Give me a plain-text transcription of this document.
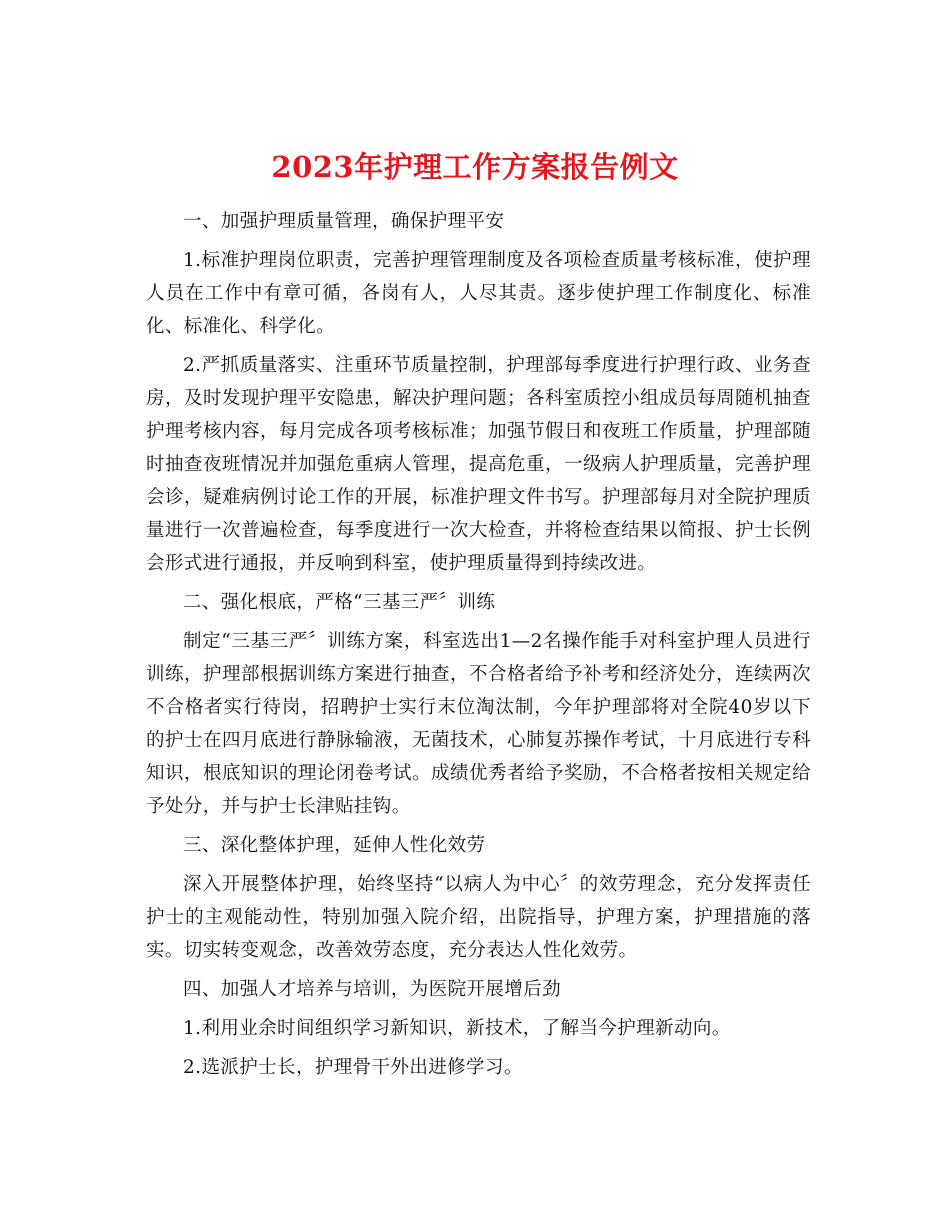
2023年护理工作方案报告例文

一、加强护理质量管理，确保护理平安

1.标准护理岗位职责，完善护理管理制度及各项检查质量考核标准，使护理人员在工作中有章可循，各岗有人，人尽其责。逐步使护理工作制度化、标准化、标准化、科学化。

2.严抓质量落实、注重环节质量控制，护理部每季度进行护理行政、业务查房，及时发现护理平安隐患，解决护理问题；各科室质控小组成员每周随机抽查护理考核内容，每月完成各项考核标准；加强节假日和夜班工作质量，护理部随时抽查夜班情况并加强危重病人管理，提高危重，一级病人护理质量，完善护理会诊，疑难病例讨论工作的开展，标准护理文件书写。护理部每月对全院护理质量进行一次普遍检查，每季度进行一次大检查，并将检查结果以简报、护士长例会形式进行通报，并反响到科室，使护理质量得到持续改进。

二、强化根底，严格“三基三严〞训练

制定“三基三严〞训练方案，科室选出1—2名操作能手对科室护理人员进行训练，护理部根据训练方案进行抽查，不合格者给予补考和经济处分，连续两次不合格者实行待岗，招聘护士实行末位淘汰制，今年护理部将对全院40岁以下的护士在四月底进行静脉输液，无菌技术，心肺复苏操作考试，十月底进行专科知识，根底知识的理论闭卷考试。成绩优秀者给予奖励，不合格者按相关规定给予处分，并与护士长津贴挂钩。

三、深化整体护理，延伸人性化效劳

深入开展整体护理，始终坚持“以病人为中心〞的效劳理念，充分发挥责任护士的主观能动性，特别加强入院介绍，出院指导，护理方案，护理措施的落实。切实转变观念，改善效劳态度，充分表达人性化效劳。

四、加强人才培养与培训，为医院开展增后劲

1.利用业余时间组织学习新知识，新技术，了解当今护理新动向。

2.选派护士长，护理骨干外出进修学习。
